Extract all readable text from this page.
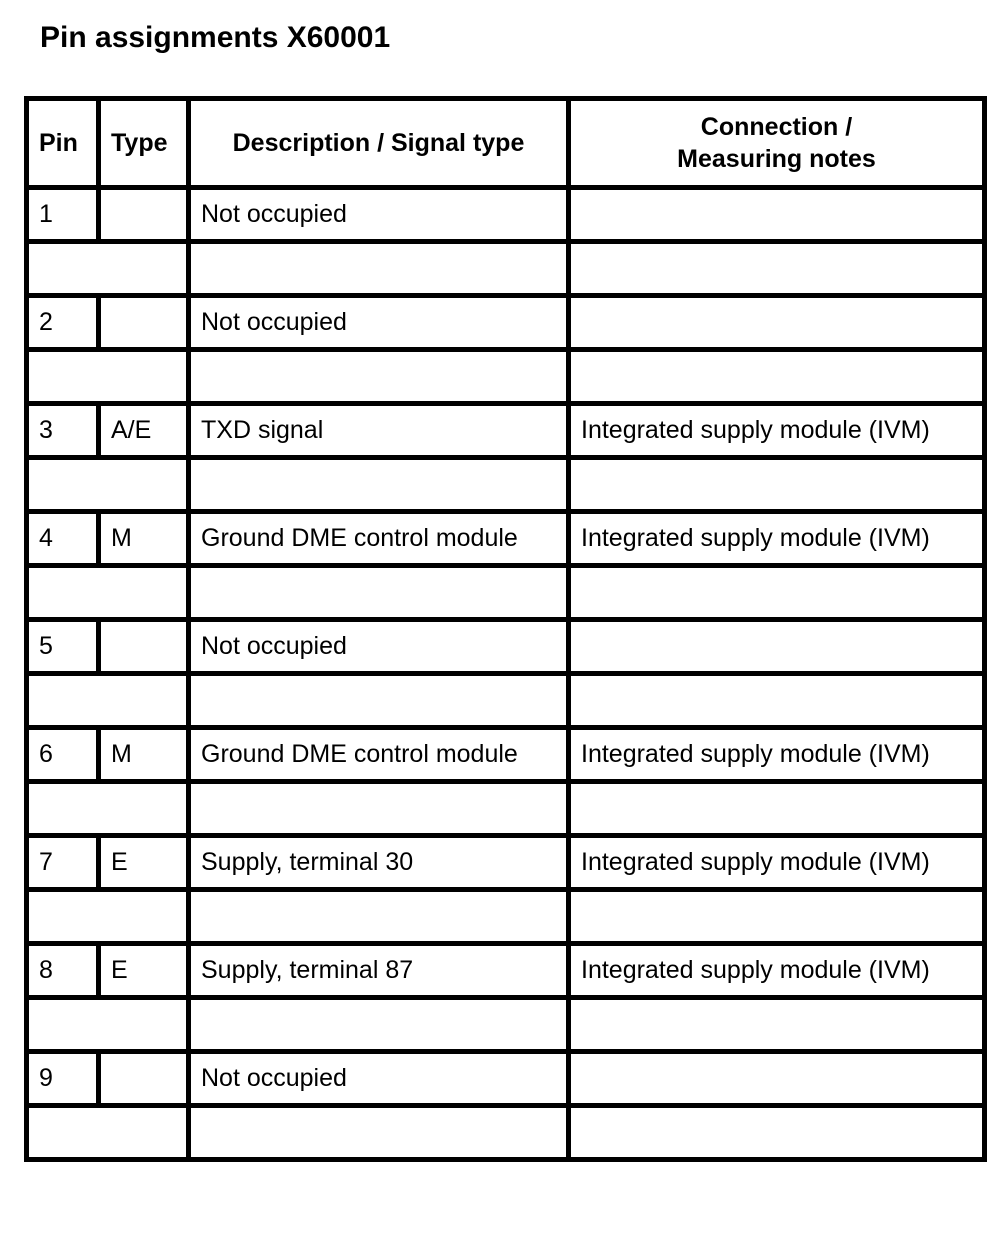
Pin assignments X60001
Pin	Type	Description / Signal type	Connection /
Measuring notes
1		Not occupied	

2		Not occupied	

3	A/E	TXD signal	Integrated supply module (IVM)

4	M	Ground DME control module	Integrated supply module (IVM)

5		Not occupied	

6	M	Ground DME control module	Integrated supply module (IVM)

7	E	Supply, terminal 30	Integrated supply module (IVM)

8	E	Supply, terminal 87	Integrated supply module (IVM)

9		Not occupied	
